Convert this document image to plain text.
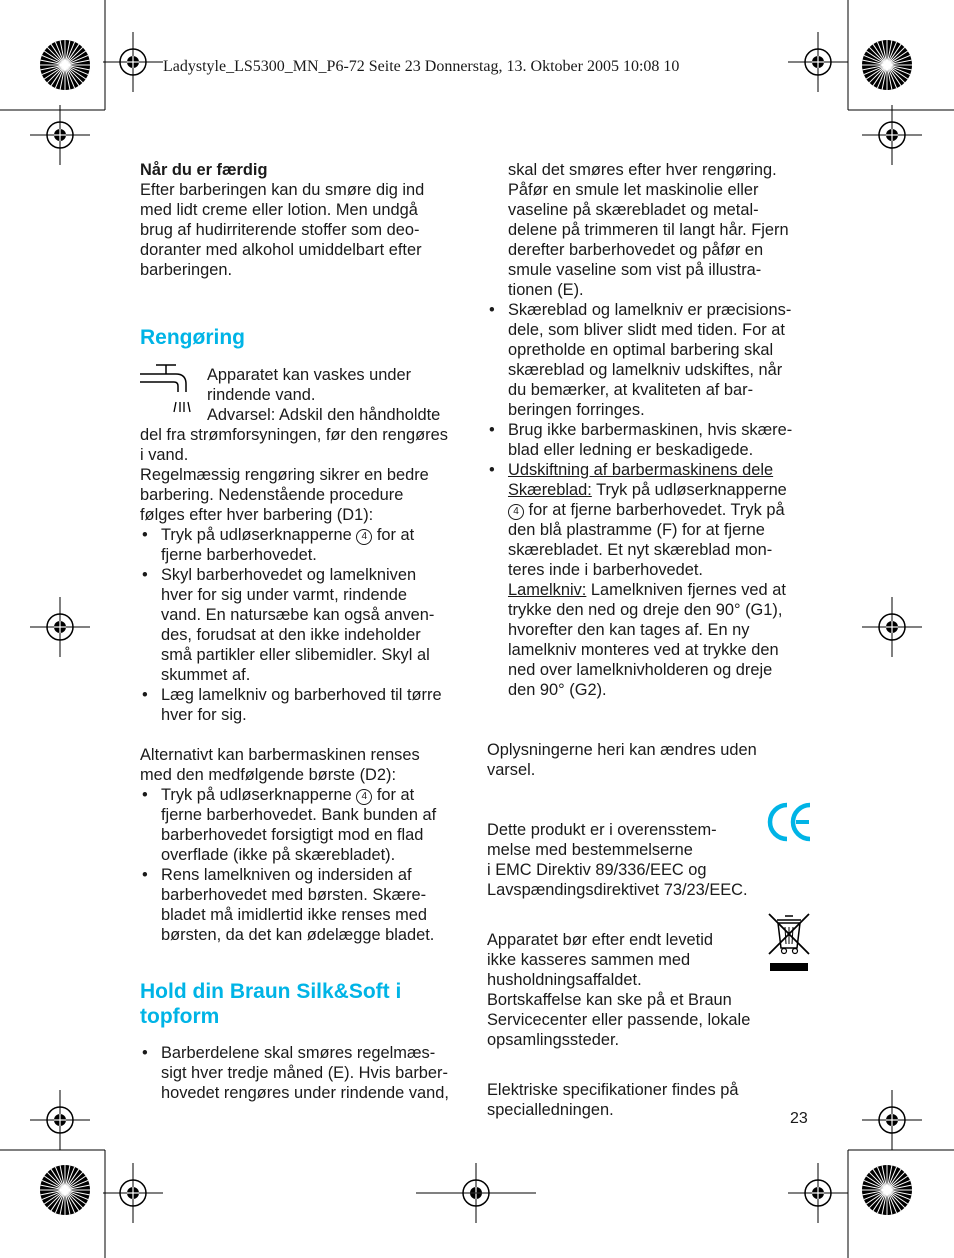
Ladystyle_LS5300_MN_P6-72 Seite 23 Donnerstag, 13. Oktober 2005 10:08 10

Når du er færdig

Efter barberingen kan du smøre dig ind

med lidt creme eller lotion. Men undgå

brug af hudirriterende stoffer som deo-

doranter med alkohol umiddelbart efter

barberingen.

Rengøring

Apparatet kan vaskes under

rindende vand.

Advarsel: Adskil den håndholdte

del fra strømforsyningen, før den rengøres

i vand.

Regelmæssig rengøring sikrer en bedre

barbering. Nedenstående procedure

følges efter hver barbering (D1):

• Tryk på udløserknapperne 4 for at
fjerne barberhovedet.
• Skyl barberhovedet og lamelkniven
hver for sig under varmt, rindende
vand. En natursæbe kan også anven-
des, forudsat at den ikke indeholder
små partikler eller slibemidler. Skyl al
skummet af.
• Læg lamelkniv og barberhoved til tørre
hver for sig.

Alternativt kan barbermaskinen renses

med den medfølgende børste (D2):

• Tryk på udløserknapperne 4 for at
fjerne barberhovedet. Bank bunden af
barberhovedet forsigtigt mod en flad
overflade (ikke på skærebladet).
• Rens lamelkniven og indersiden af
barberhovedet med børsten. Skære-
bladet må imidlertid ikke renses med
børsten, da det kan ødelægge bladet.
Hold din Braun Silk&Soft i
topform
• Barberdelene skal smøres regelmæs-
sigt hver tredje måned (E). Hvis barber-
hovedet rengøres under rindende vand,

skal det smøres efter hver rengøring.

Påfør en smule let maskinolie eller

vaseline på skærebladet og metal-

delene på trimmeren til langt hår. Fjern

derefter barberhovedet og påfør en

smule vaseline som vist på illustra-

tionen (E).

• Skæreblad og lamelkniv er præcisions-
dele, som bliver slidt med tiden. For at
opretholde en optimal barbering skal
skæreblad og lamelkniv udskiftes, når
du bemærker, at kvaliteten af bar-
beringen forringes.
• Brug ikke barbermaskinen, hvis skære-
blad eller ledning er beskadigede.
• Udskiftning af barbermaskinens dele
Skæreblad: Tryk på udløserknapperne
4 for at fjerne barberhovedet. Tryk på
den blå plastramme (F) for at fjerne
skærebladet. Et nyt skæreblad mon-
teres inde i barberhovedet.
Lamelkniv: Lamelkniven fjernes ved at
trykke den ned og dreje den 90° (G1),
hvorefter den kan tages af. En ny
lamelkniv monteres ved at trykke den
ned over lamelknivholderen og dreje
den 90° (G2).

Oplysningerne heri kan ændres uden

varsel.

Dette produkt er i overensstem-

melse med bestemmelserne

i EMC Direktiv 89/336/EEC og

Lavspændingsdirektivet 73/23/EEC.

Apparatet bør efter endt levetid

ikke kasseres sammen med

husholdningsaffaldet.

Bortskaffelse kan ske på et Braun

Servicecenter eller passende, lokale

opsamlingssteder.

Elektriske specifikationer findes på

specialledningen.	23
